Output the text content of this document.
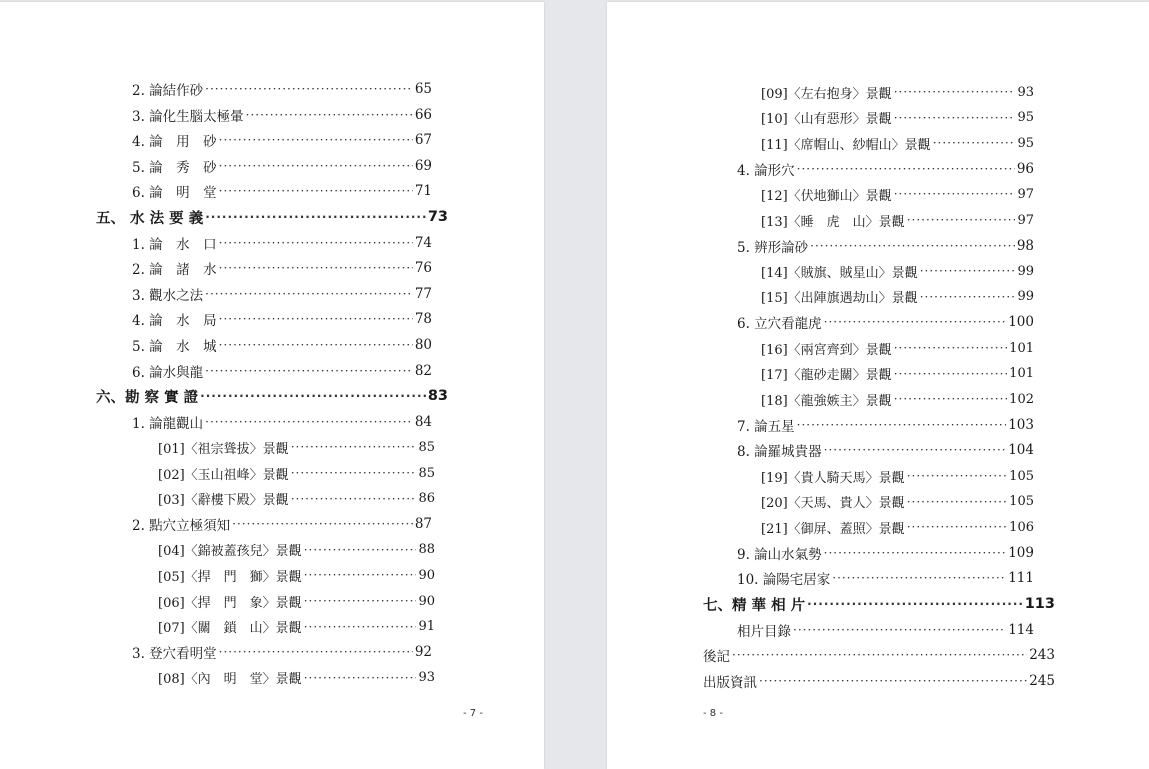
2. 論結作砂 ·····	65
3. 論化生腦太極暈 ·····	66
4. 論　用　砂 ·····	67
5. 論　秀　砂 ·····	69
6. 論　明　堂 ·····	71
五、 水 法 要 義 ·····	73
1. 論　水　口 ·····	74
2. 論　諸　水 ·····	76
3. 觀水之法 ·····	77
4. 論　水　局 ·····	78
5. 論　水　城 ·····	80
6. 論水與龍 ·····	82
六、勘 察 實 證 ·····	83
1. 論龍觀山 ·····	84
[01]〈祖宗聳拔〉景觀 ·····	85
[02]〈玉山祖峰〉景觀 ·····	85
[03]〈辭樓下殿〉景觀 ·····	86
2. 點穴立極須知 ·····	87
[04]〈錦被蓋孩兒〉景觀 ·····	88
[05]〈捍　門　獅〉景觀 ·····	90
[06]〈捍　門　象〉景觀 ·····	90
[07]〈關　鎖　山〉景觀 ·····	91
3. 登穴看明堂 ·····	92
[08]〈內　明　堂〉景觀 ·····	93
- 7 -
[09]〈左右抱身〉景觀 ·····	93
[10]〈山有惡形〉景觀 ·····	95
[11]〈席帽山、紗帽山〉景觀 ·····	95
4. 論形穴 ·····	96
[12]〈伏地獅山〉景觀 ·····	97
[13]〈睡　虎　山〉景觀 ·····	97
5. 辨形論砂 ·····	98
[14]〈賊旗、賊星山〉景觀 ·····	99
[15]〈出陣旗遇劫山〉景觀 ·····	99
6. 立穴看龍虎 ·····	100
[16]〈兩宮齊到〉景觀 ·····	101
[17]〈龍砂走關〉景觀 ·····	101
[18]〈龍強嫉主〉景觀 ·····	102
7. 論五星 ·····	103
8. 論羅城貴器 ·····	104
[19]〈貴人騎天馬〉景觀 ·····	105
[20]〈天馬、貴人〉景觀 ·····	105
[21]〈御屏、蓋照〉景觀 ·····	106
9. 論山水氣勢 ·····	109
10. 論陽宅居家 ·····	111
七、精 華 相 片 ·····	113
相片目錄 ·····	114
後記 ·····	243
出版資訊 ·····	245
- 8 -
